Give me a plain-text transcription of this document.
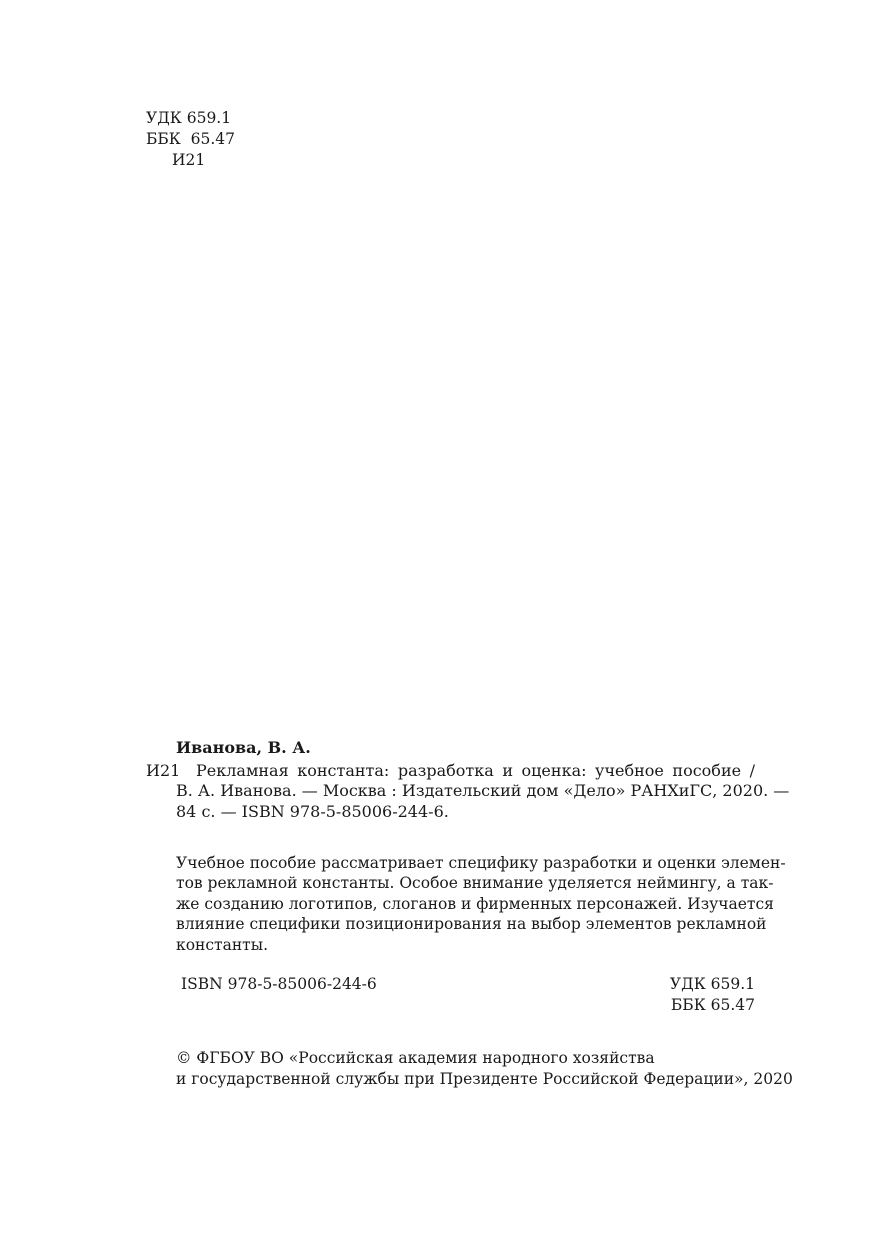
УДК 659.1
ББК  65.47
И21
Иванова, В. А.
И21 Рекламная константа: разработка и оценка: учебное пособие /
В. А. Иванова. — Москва : Издательский дом «Дело» РАНХиГС, 2020. —
84 с. — ISBN 978-5-85006-244-6.
Учебное пособие рассматривает специфику разработки и оценки элемен-
тов рекламной константы. Особое внимание уделяется неймингу, а так-
же созданию логотипов, слоганов и фирменных персонажей. Изучается
влияние специфики позиционирования на выбор элементов рекламной
константы.
ISBN 978-5-85006-244-6	УДК 659.1
ББК 65.47
© ФГБОУ ВО «Российская академия народного хозяйства
и государственной службы при Президенте Российской Федерации», 2020
